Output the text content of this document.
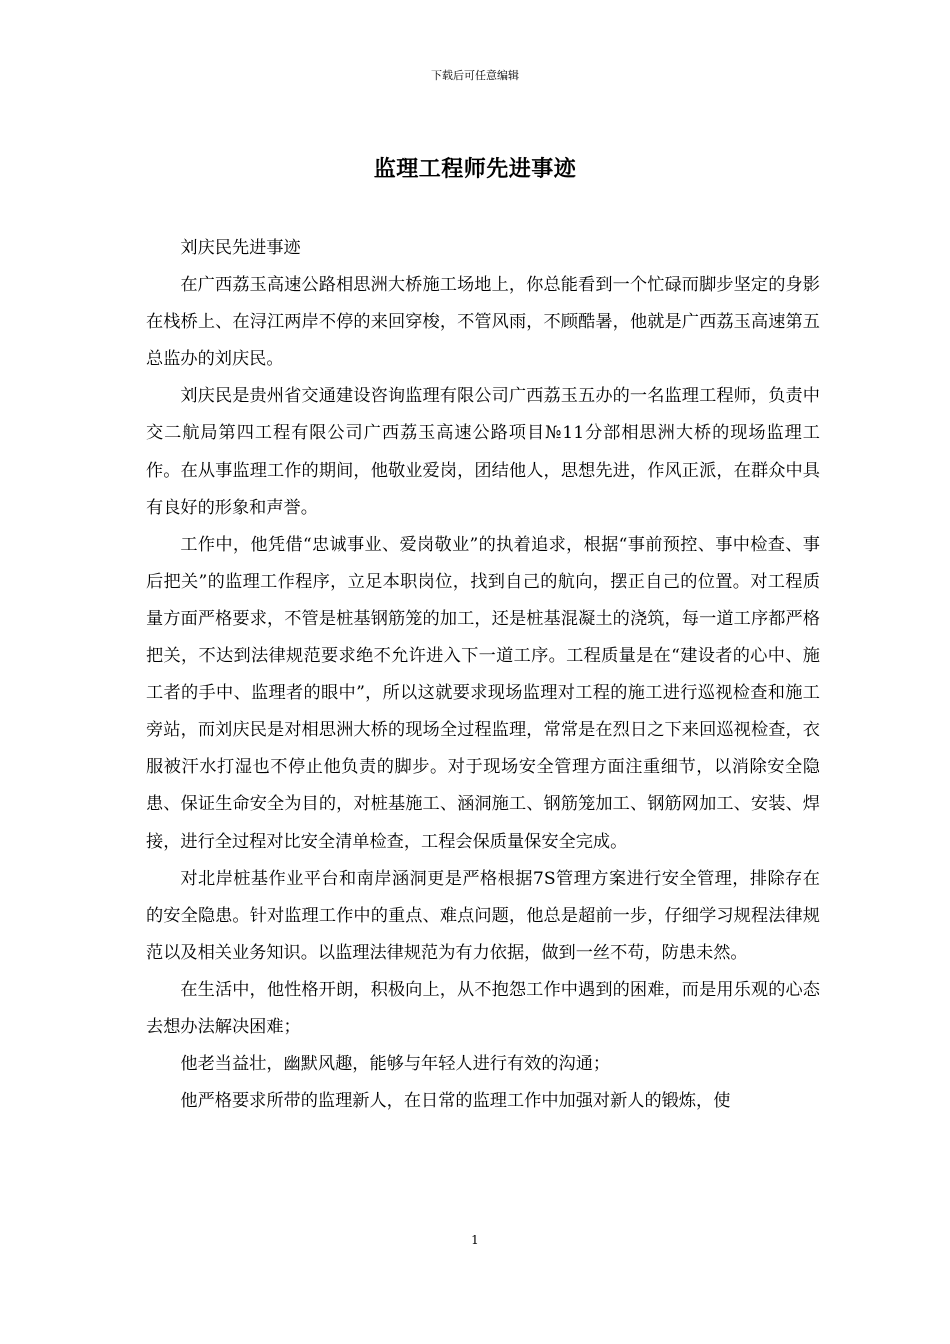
下载后可任意编辑
监理工程师先进事迹

刘庆民先进事迹

在广西荔玉高速公路相思洲大桥施工场地上，你总能看到一个忙碌而脚步坚定的身影在栈桥上、在浔江两岸不停的来回穿梭，不管风雨，不顾酷暑，他就是广西荔玉高速第五总监办的刘庆民。

刘庆民是贵州省交通建设咨询监理有限公司广西荔玉五办的一名监理工程师，负责中交二航局第四工程有限公司广西荔玉高速公路项目№11分部相思洲大桥的现场监理工作。在从事监理工作的期间，他敬业爱岗，团结他人，思想先进，作风正派，在群众中具有良好的形象和声誉。

工作中，他凭借“忠诚事业、爱岗敬业”的执着追求，根据“事前预控、事中检查、事后把关”的监理工作程序，立足本职岗位，找到自己的航向，摆正自己的位置。对工程质量方面严格要求，不管是桩基钢筋笼的加工，还是桩基混凝土的浇筑，每一道工序都严格把关，不达到法律规范要求绝不允许进入下一道工序。工程质量是在“建设者的心中、施工者的手中、监理者的眼中”，所以这就要求现场监理对工程的施工进行巡视检查和施工旁站，而刘庆民是对相思洲大桥的现场全过程监理，常常是在烈日之下来回巡视检查，衣服被汗水打湿也不停止他负责的脚步。对于现场安全管理方面注重细节，以消除安全隐患、保证生命安全为目的，对桩基施工、涵洞施工、钢筋笼加工、钢筋网加工、安装、焊接，进行全过程对比安全清单检查，工程会保质量保安全完成。

对北岸桩基作业平台和南岸涵洞更是严格根据7S管理方案进行安全管理，排除存在的安全隐患。针对监理工作中的重点、难点问题，他总是超前一步，仔细学习规程法律规范以及相关业务知识。以监理法律规范为有力依据，做到一丝不苟，防患未然。

在生活中，他性格开朗，积极向上，从不抱怨工作中遇到的困难，而是用乐观的心态去想办法解决困难；

他老当益壮，幽默风趣，能够与年轻人进行有效的沟通；

他严格要求所带的监理新人，在日常的监理工作中加强对新人的锻炼，使

1
